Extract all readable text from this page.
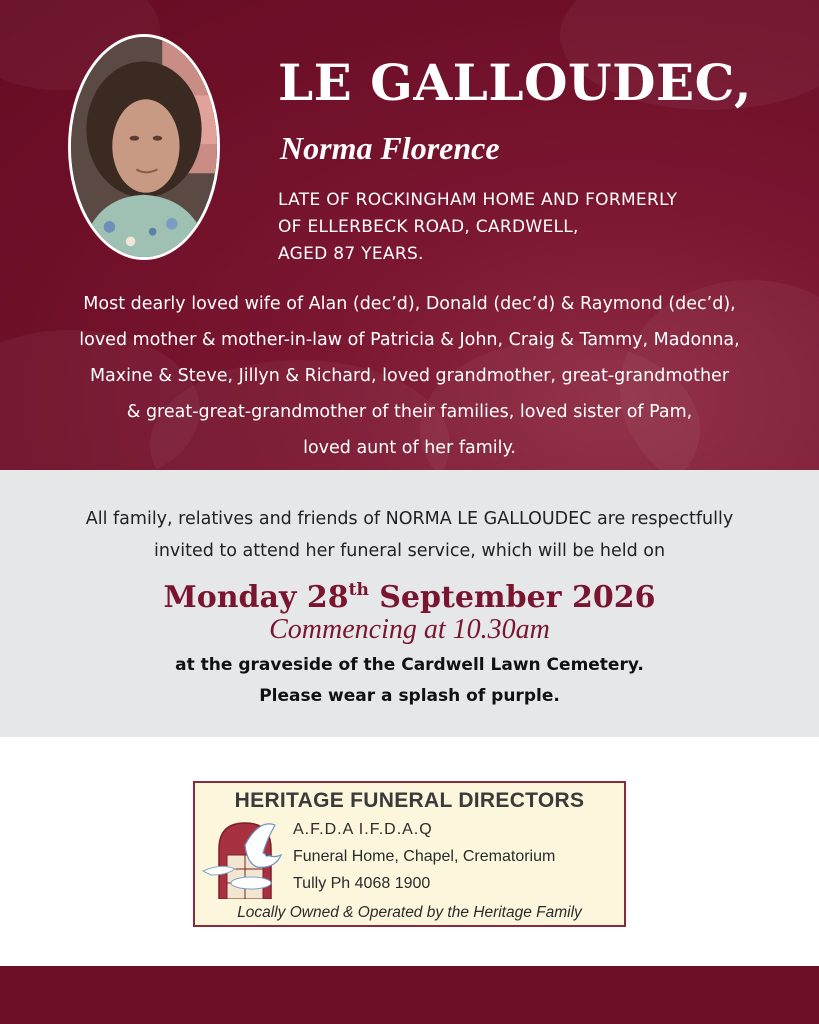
LE GALLOUDEC,
Norma Florence
LATE OF ROCKINGHAM HOME AND FORMERLY
OF ELLERBECK ROAD, CARDWELL,
AGED 87 YEARS.
Most dearly loved wife of Alan (dec’d), Donald (dec’d) & Raymond (dec’d),
loved mother & mother-in-law of Patricia & John, Craig & Tammy, Madonna,
Maxine & Steve, Jillyn & Richard, loved grandmother, great-grandmother
& great-great-grandmother of their families, loved sister of Pam,
loved aunt of her family.
All family, relatives and friends of NORMA LE GALLOUDEC are respectfully
invited to attend her funeral service, which will be held on
Monday 28th September 2026
Commencing at 10.30am
at the graveside of the Cardwell Lawn Cemetery.
Please wear a splash of purple.
HERITAGE FUNERAL DIRECTORS
A.F.D.A I.F.D.A.Q
Funeral Home, Chapel, Crematorium
Tully Ph 4068 1900
Locally Owned & Operated by the Heritage Family
